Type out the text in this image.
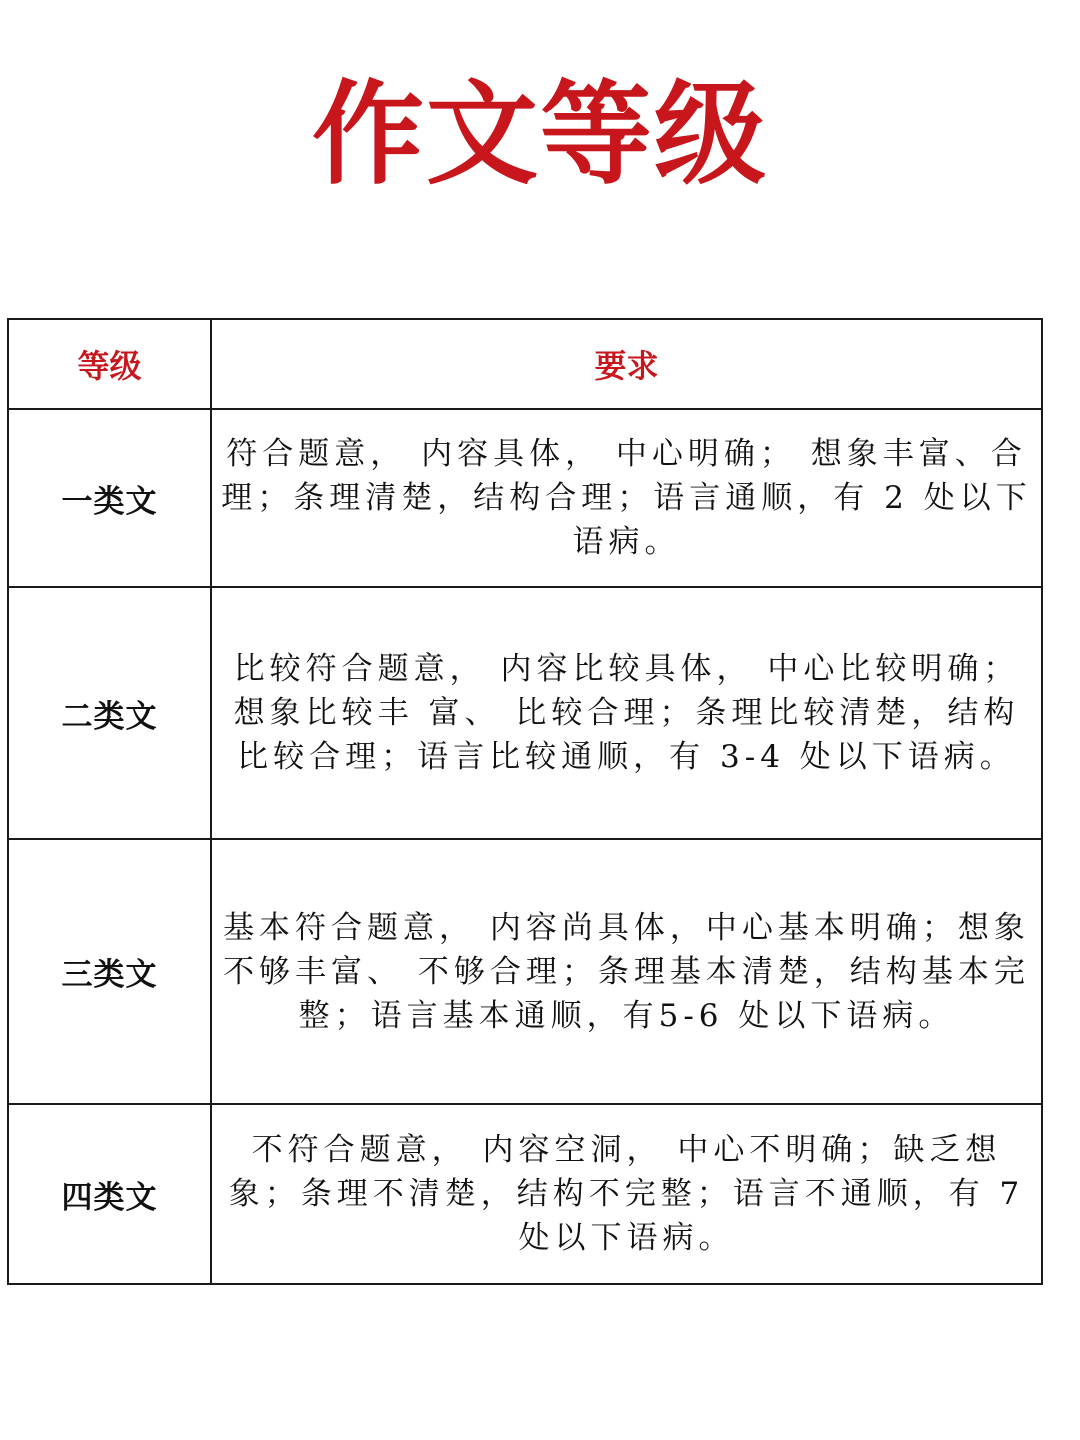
作文等级
等级	要求
一类文	符合题意， 内容具体， 中心明确； 想象丰富、合理；条理清楚，结构合理；语言通顺，有 2 处以下语病。
二类文	比较符合题意， 内容比较具体， 中心比较明确；想象比较丰 富、 比较合理；条理比较清楚，结构比较合理；语言比较通顺，有 3-4 处以下语病。
三类文	基本符合题意， 内容尚具体，中心基本明确；想象不够丰富、 不够合理；条理基本清楚，结构基本完整；语言基本通顺，有5-6 处以下语病。
四类文	不符合题意， 内容空洞， 中心不明确；缺乏想象；条理不清楚，结构不完整；语言不通顺，有 7 处以下语病。
